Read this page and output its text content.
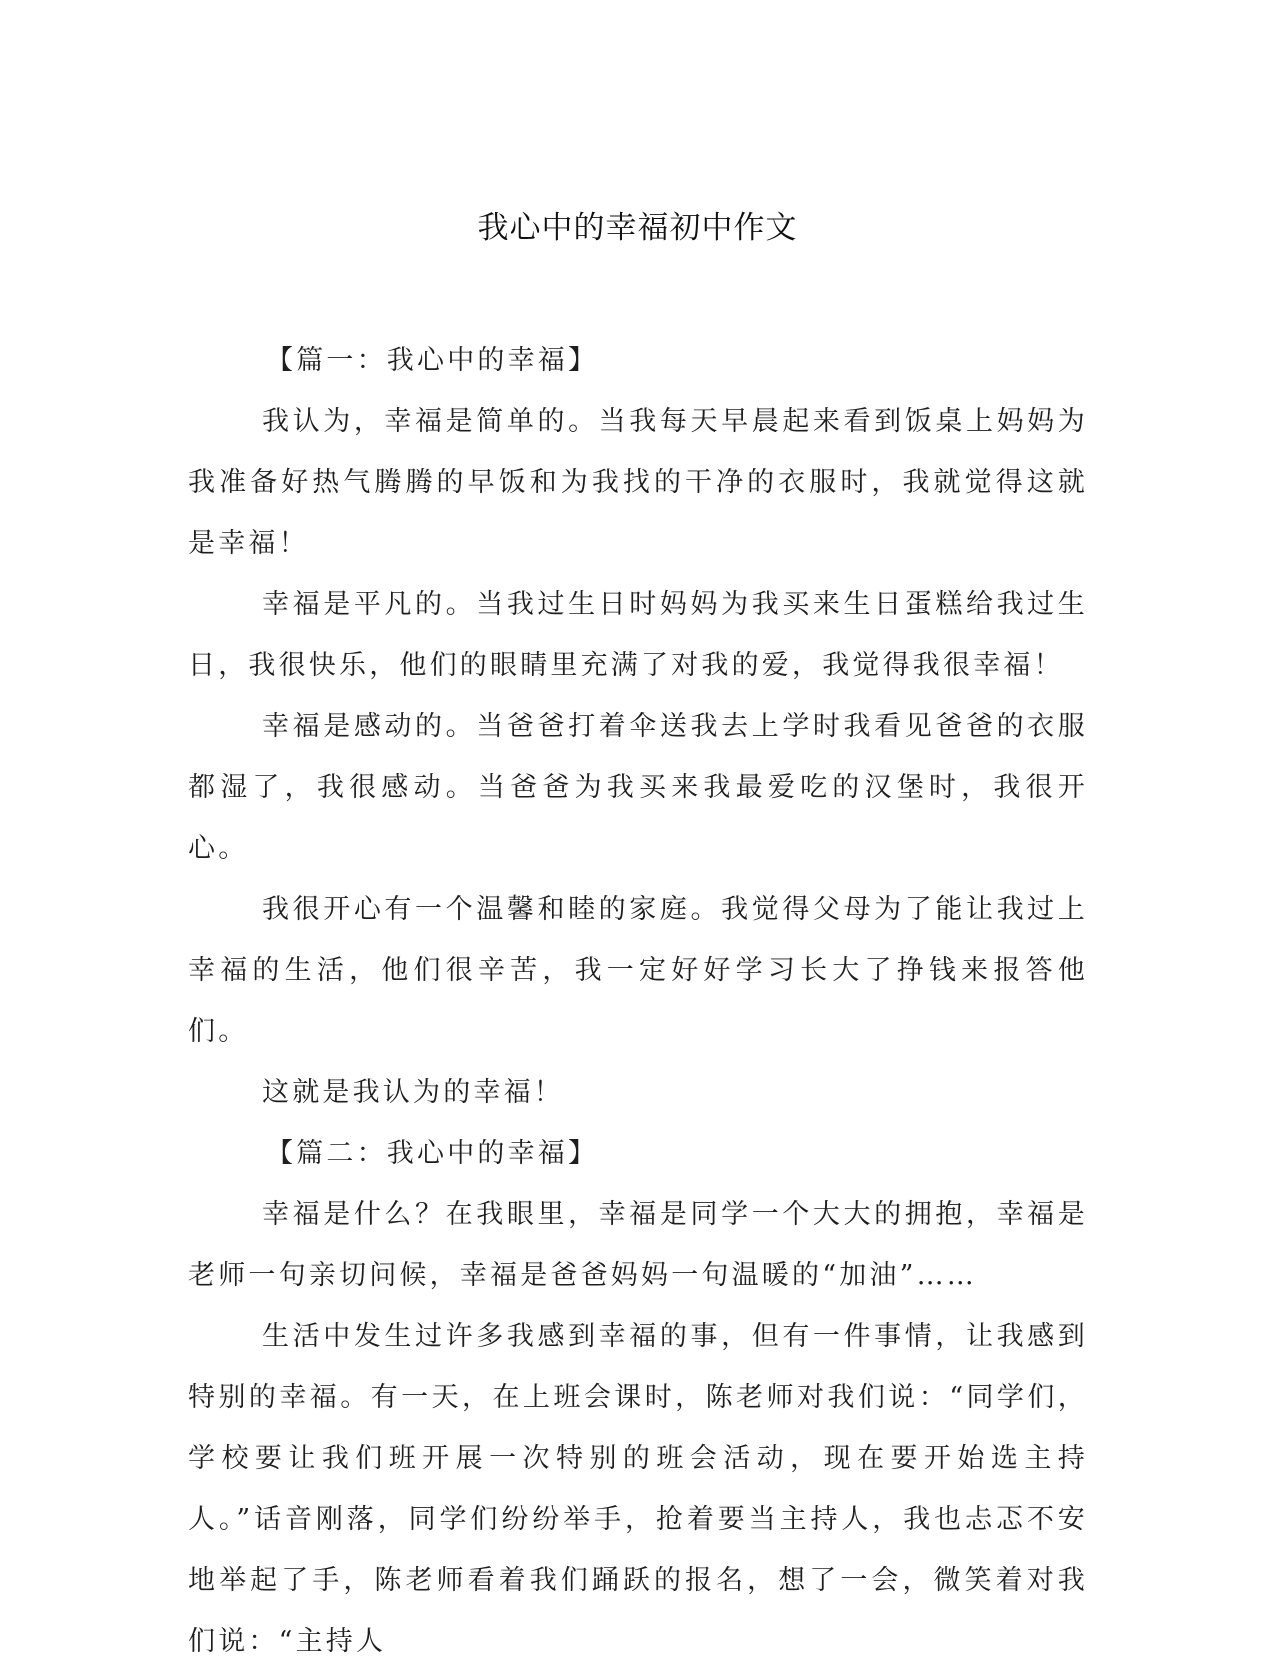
我心中的幸福初中作文

【篇一：我心中的幸福】

我认为，幸福是简单的。当我每天早晨起来看到饭桌上妈妈为我准备好热气腾腾的早饭和为我找的干净的衣服时，我就觉得这就是幸福！

幸福是平凡的。当我过生日时妈妈为我买来生日蛋糕给我过生日，我很快乐，他们的眼睛里充满了对我的爱，我觉得我很幸福！

幸福是感动的。当爸爸打着伞送我去上学时我看见爸爸的衣服都湿了，我很感动。当爸爸为我买来我最爱吃的汉堡时，我很开心。

我很开心有一个温馨和睦的家庭。我觉得父母为了能让我过上幸福的生活，他们很辛苦，我一定好好学习长大了挣钱来报答他们。

这就是我认为的幸福！

【篇二：我心中的幸福】

幸福是什么？在我眼里，幸福是同学一个大大的拥抱，幸福是老师一句亲切问候，幸福是爸爸妈妈一句温暖的“加油”……

生活中发生过许多我感到幸福的事，但有一件事情，让我感到特别的幸福。有一天，在上班会课时，陈老师对我们说：“同学们，学校要让我们班开展一次特别的班会活动，现在要开始选主持人。”话音刚落，同学们纷纷举手，抢着要当主持人，我也忐忑不安地举起了手，陈老师看着我们踊跃的报名，想了一会，微笑着对我们说：“主持人
